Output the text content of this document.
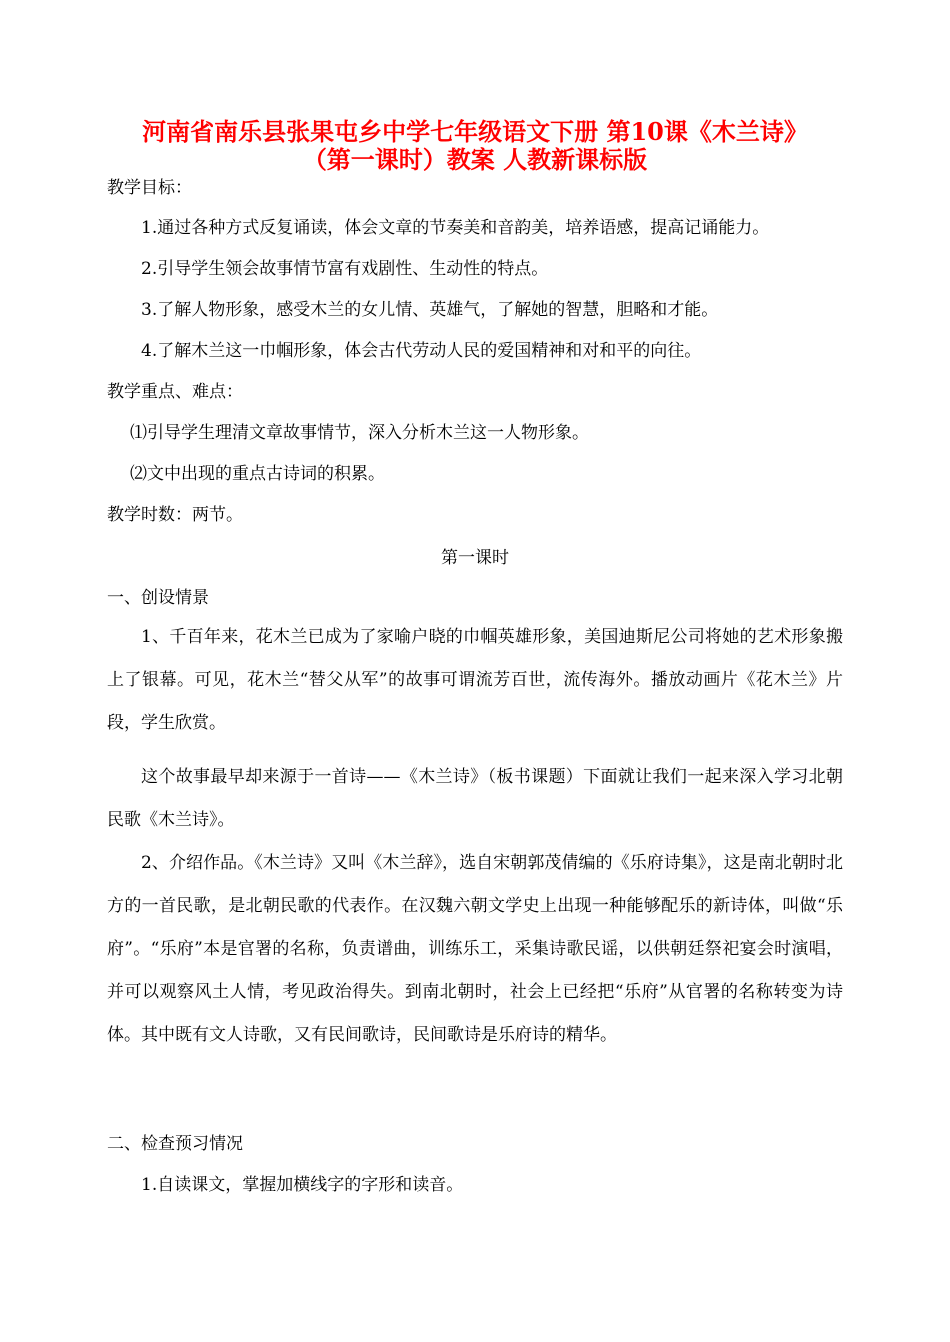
河南省南乐县张果屯乡中学七年级语文下册 第10课《木兰诗》
（第一课时）教案 人教新课标版
教学目标：
1.通过各种方式反复诵读，体会文章的节奏美和音韵美，培养语感，提高记诵能力。
2.引导学生领会故事情节富有戏剧性、生动性的特点。
3.了解人物形象，感受木兰的女儿情、英雄气，了解她的智慧，胆略和才能。
4.了解木兰这一巾帼形象，体会古代劳动人民的爱国精神和对和平的向往。
教学重点、难点：
⑴引导学生理清文章故事情节，深入分析木兰这一人物形象。
⑵文中出现的重点古诗词的积累。
教学时数：两节。
第一课时
一、创设情景
1、千百年来，花木兰已成为了家喻户晓的巾帼英雄形象，美国迪斯尼公司将她的艺术形象搬上了银幕。可见，花木兰“替父从军”的故事可谓流芳百世，流传海外。播放动画片《花木兰》片段，学生欣赏。
这个故事最早却来源于一首诗——《木兰诗》（板书课题）下面就让我们一起来深入学习北朝民歌《木兰诗》。
2、介绍作品。《木兰诗》又叫《木兰辞》，选自宋朝郭茂倩编的《乐府诗集》，这是南北朝时北方的一首民歌，是北朝民歌的代表作。在汉魏六朝文学史上出现一种能够配乐的新诗体，叫做“乐府”。“乐府”本是官署的名称，负责谱曲，训练乐工，采集诗歌民谣，以供朝廷祭祀宴会时演唱，并可以观察风土人情，考见政治得失。到南北朝时，社会上已经把“乐府”从官署的名称转变为诗体。其中既有文人诗歌，又有民间歌诗，民间歌诗是乐府诗的精华。
二、检查预习情况
1.自读课文，掌握加横线字的字形和读音。
